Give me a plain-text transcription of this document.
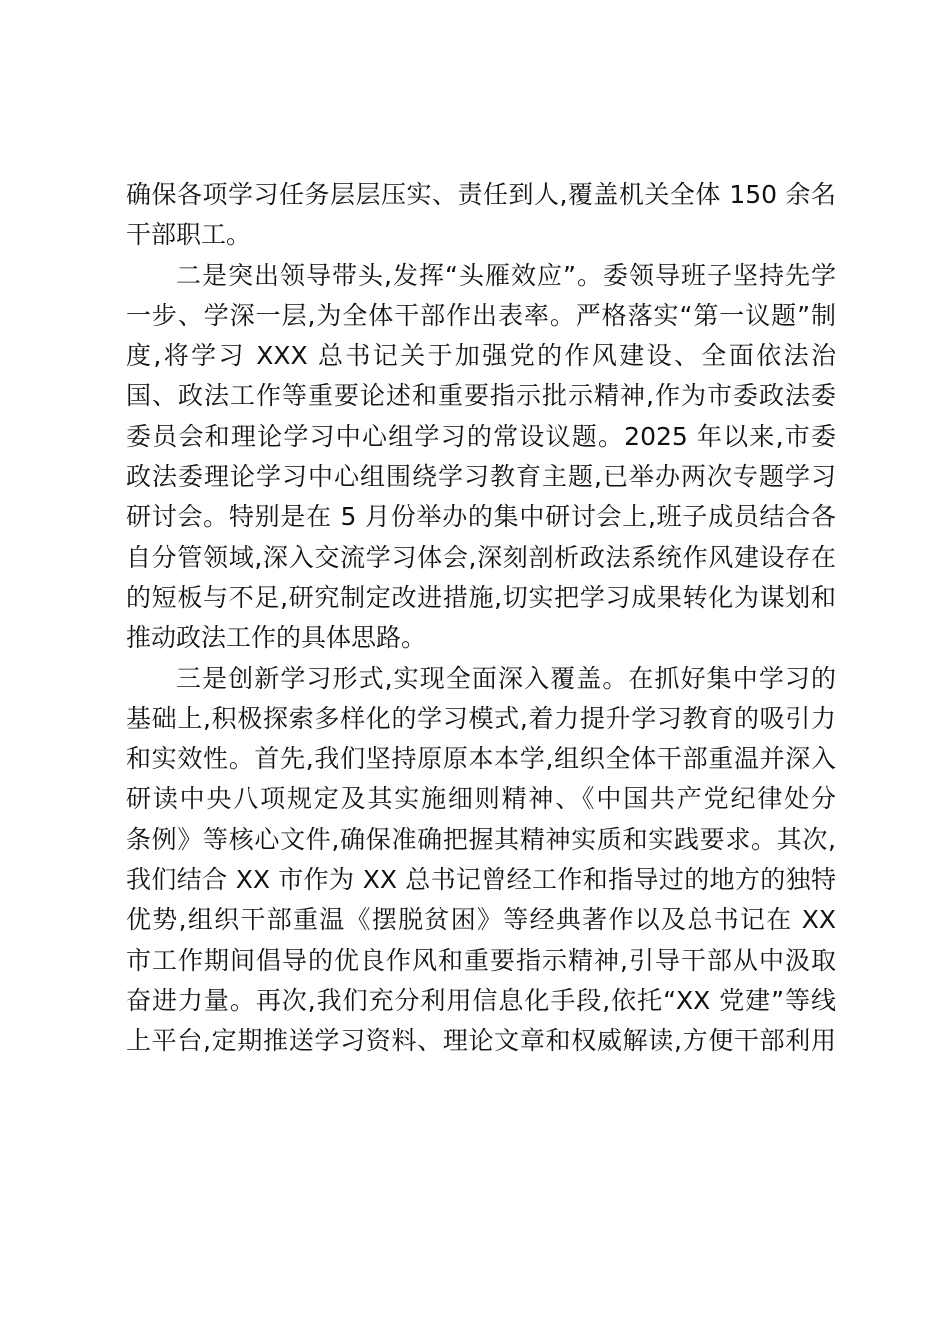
确保各项学习任务层层压实、责任到人,覆盖机关全体 150 余名
干部职工。
二是突出领导带头,发挥“头雁效应”。委领导班子坚持先学
一步、学深一层,为全体干部作出表率。严格落实“第一议题”制
度,将学习 XXX 总书记关于加强党的作风建设、全面依法治
国、政法工作等重要论述和重要指示批示精神,作为市委政法委
委员会和理论学习中心组学习的常设议题。2025 年以来,市委
政法委理论学习中心组围绕学习教育主题,已举办两次专题学习
研讨会。特别是在 5 月份举办的集中研讨会上,班子成员结合各
自分管领域,深入交流学习体会,深刻剖析政法系统作风建设存在
的短板与不足,研究制定改进措施,切实把学习成果转化为谋划和
推动政法工作的具体思路。
三是创新学习形式,实现全面深入覆盖。在抓好集中学习的
基础上,积极探索多样化的学习模式,着力提升学习教育的吸引力
和实效性。首先,我们坚持原原本本学,组织全体干部重温并深入
研读中央八项规定及其实施细则精神、《中国共产党纪律处分
条例》等核心文件,确保准确把握其精神实质和实践要求。其次,
我们结合 XX 市作为 XX 总书记曾经工作和指导过的地方的独特
优势,组织干部重温《摆脱贫困》等经典著作以及总书记在 XX
市工作期间倡导的优良作风和重要指示精神,引导干部从中汲取
奋进力量。再次,我们充分利用信息化手段,依托“XX 党建”等线
上平台,定期推送学习资料、理论文章和权威解读,方便干部利用
